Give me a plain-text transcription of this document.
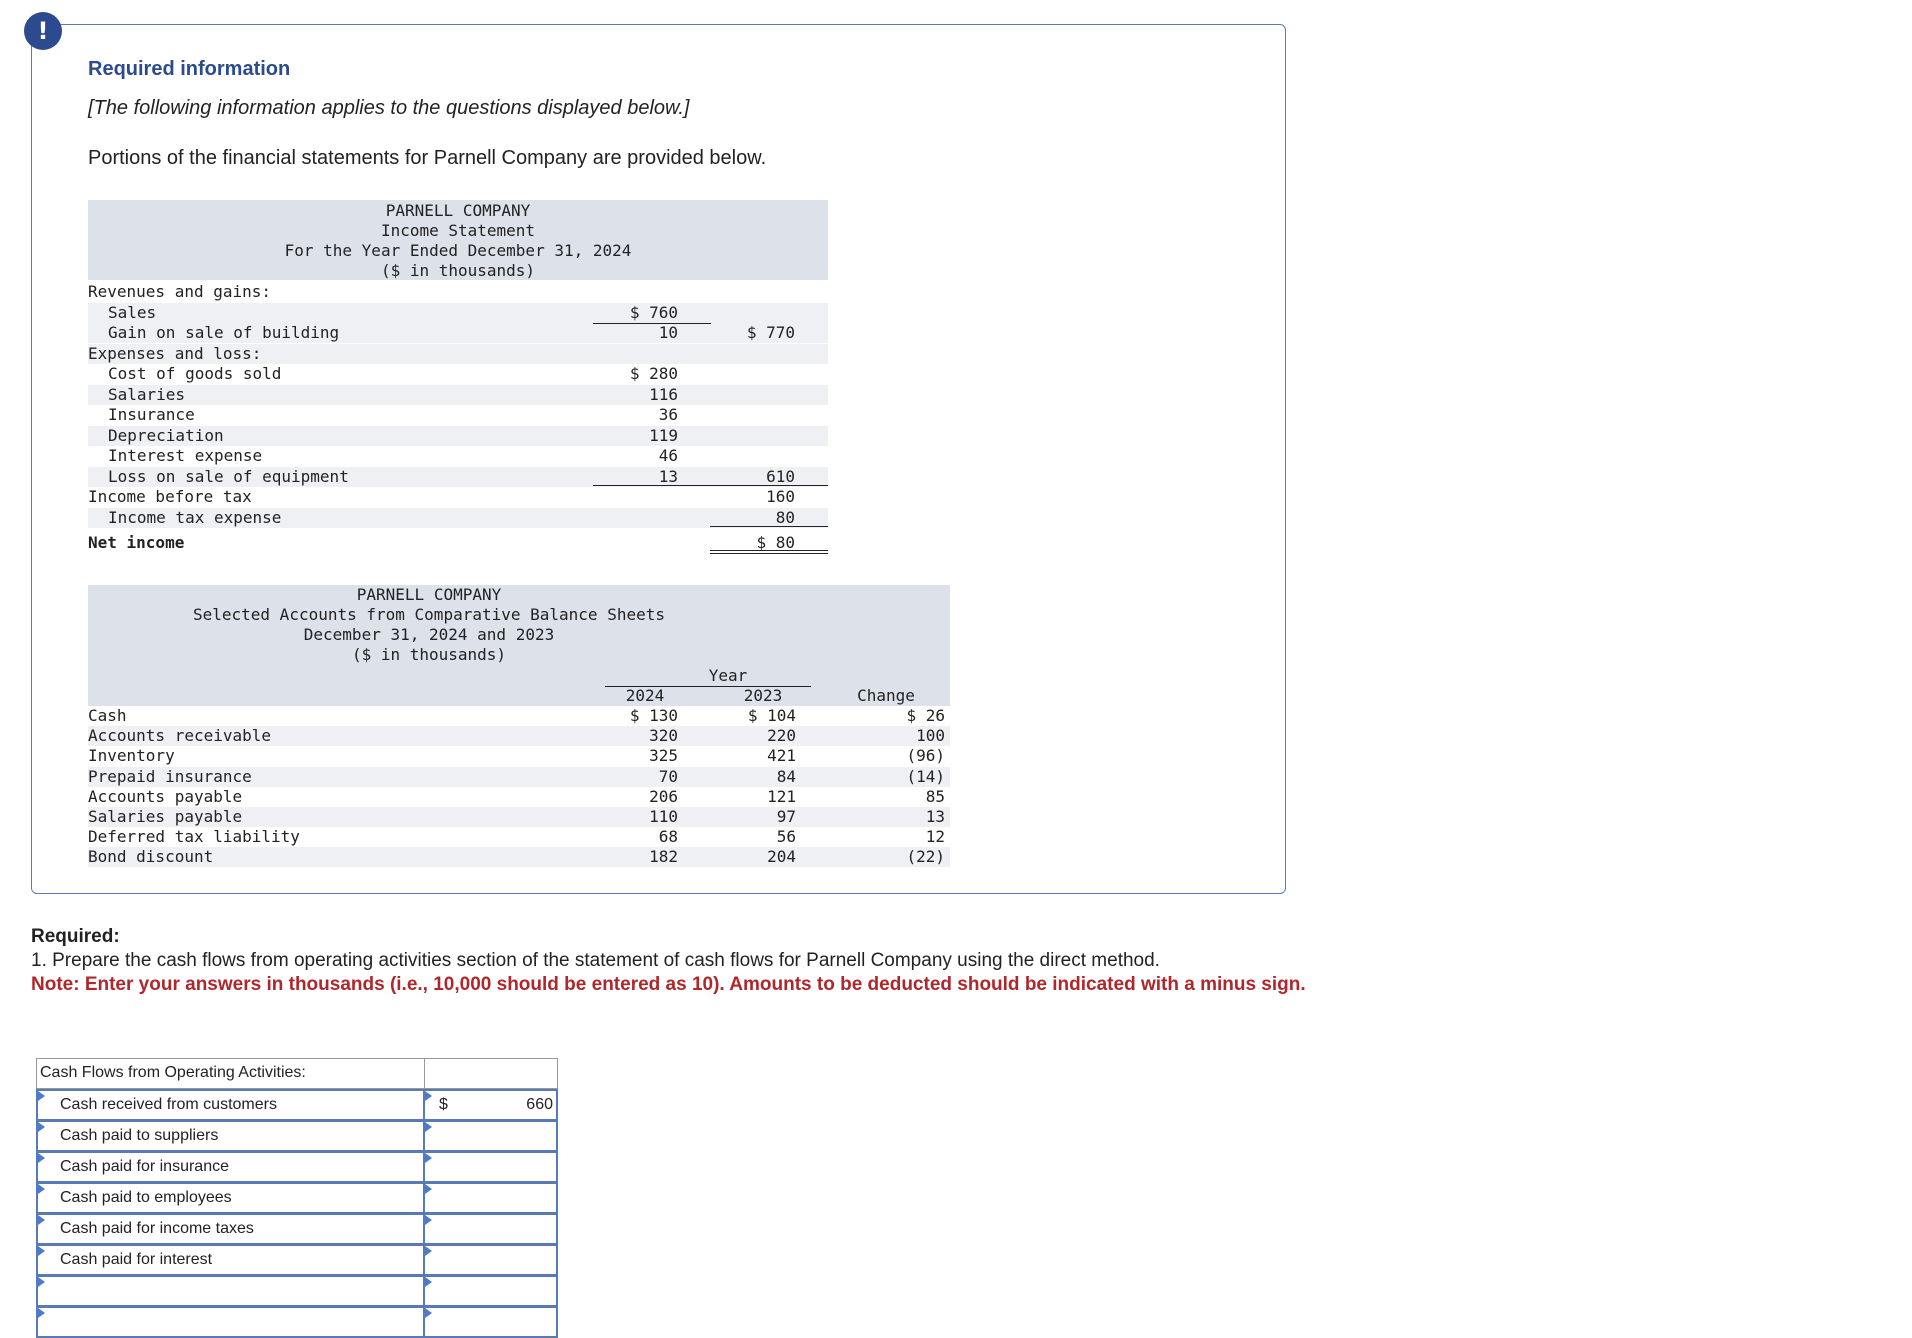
!
Required information
[The following information applies to the questions displayed below.]
Portions of the financial statements for Parnell Company are provided below.
PARNELL COMPANY
Income Statement
For the Year Ended December 31, 2024
($ in thousands)
Revenues and gains:
Sales	$ 760
Gain on sale of building	10	$ 770
Expenses and loss:
Cost of goods sold	$ 280
Salaries	116
Insurance	36
Depreciation	119
Interest expense	46
Loss on sale of equipment	13	610
Income before tax	160
Income tax expense	80
Net income	$ 80
PARNELL COMPANY
Selected Accounts from Comparative Balance Sheets
December 31, 2024 and 2023
($ in thousands)
Year
2024	2023	Change
Cash	$ 130	$ 104	$ 26
Accounts receivable	320	220	100
Inventory	325	421	(96)
Prepaid insurance	70	84	(14)
Accounts payable	206	121	85
Salaries payable	110	97	13
Deferred tax liability	68	56	12
Bond discount	182	204	(22)
Required:
1. Prepare the cash flows from operating activities section of the statement of cash flows for Parnell Company using the direct method.
Note: Enter your answers in thousands (i.e., 10,000 should be entered as 10). Amounts to be deducted should be indicated with a minus sign.
Cash Flows from Operating Activities:
Cash received from customers	$	660
Cash paid to suppliers
Cash paid for insurance
Cash paid to employees
Cash paid for income taxes
Cash paid for interest
